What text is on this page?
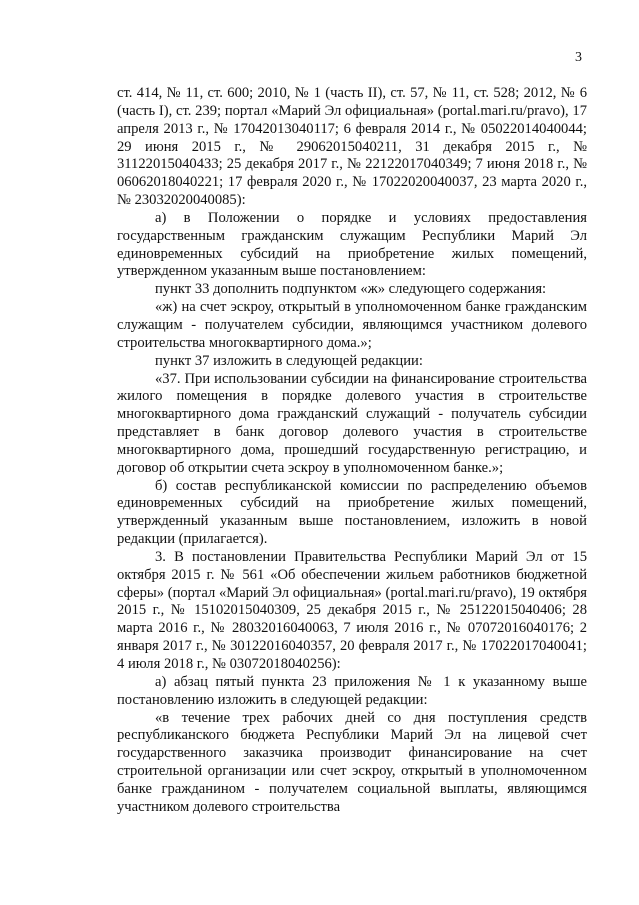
3

ст. 414, № 11, ст. 600; 2010, № 1 (часть II), ст. 57, № 11, ст. 528; 2012, № 6 (часть I), ст. 239; портал «Марий Эл официальная» (portal.mari.ru/pravo), 17 апреля 2013 г., № 17042013040117; 6 февраля 2014 г., № 05022014040044; 29 июня 2015 г., № 29062015040211, 31 декабря 2015 г., № 31122015040433; 25 декабря 2017 г., № 22122017040349; 7 июня 2018 г., № 06062018040221; 17 февраля 2020 г., № 17022020040037, 23 марта 2020 г., № 23032020040085):

а) в Положении о порядке и условиях предоставления государственным гражданским служащим Республики Марий Эл единовременных субсидий на приобретение жилых помещений, утвержденном указанным выше постановлением:

пункт 33 дополнить подпунктом «ж» следующего содержания:

«ж) на счет эскроу, открытый в уполномоченном банке гражданским служащим - получателем субсидии, являющимся участником долевого строительства многоквартирного дома.»;

пункт 37 изложить в следующей редакции:

«37. При использовании субсидии на финансирование строительства жилого помещения в порядке долевого участия в строительстве многоквартирного дома гражданский служащий - получатель субсидии представляет в банк договор долевого участия в строительстве многоквартирного дома, прошедший государственную регистрацию, и договор об открытии счета эскроу в уполномоченном банке.»;

б) состав республиканской комиссии по распределению объемов единовременных субсидий на приобретение жилых помещений, утвержденный указанным выше постановлением, изложить в новой редакции (прилагается).

3. В постановлении Правительства Республики Марий Эл от 15 октября 2015 г. № 561 «Об обеспечении жильем работников бюджетной сферы» (портал «Марий Эл официальная» (portal.mari.ru/pravo), 19 октября 2015 г., № 15102015040309, 25 декабря 2015 г., № 25122015040406; 28 марта 2016 г., № 28032016040063, 7 июля 2016 г., № 07072016040176; 2 января 2017 г., № 30122016040357, 20 февраля 2017 г., № 17022017040041; 4 июля 2018 г., № 03072018040256):

а) абзац пятый пункта 23 приложения № 1 к указанному выше постановлению изложить в следующей редакции:

«в течение трех рабочих дней со дня поступления средств республиканского бюджета Республики Марий Эл на лицевой счет государственного заказчика производит финансирование на счет строительной организации или счет эскроу, открытый в уполномоченном банке гражданином - получателем социальной выплаты, являющимся участником долевого строительства
